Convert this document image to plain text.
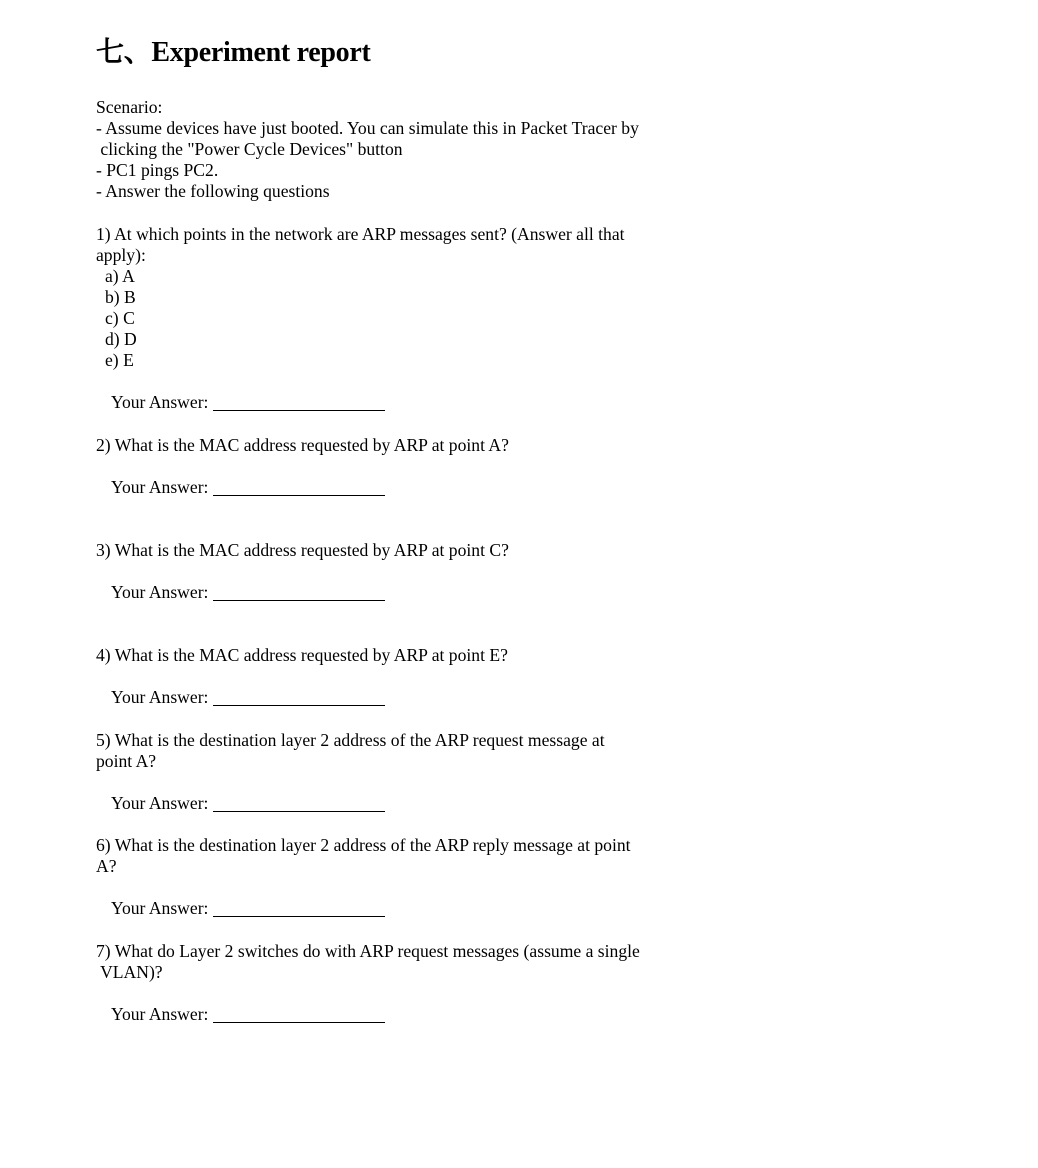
七、Experiment report
Scenario:
- Assume devices have just booted. You can simulate this in Packet Tracer by
clicking the "Power Cycle Devices" button
- PC1 pings PC2.
- Answer the following questions
1) At which points in the network are ARP messages sent? (Answer all that
apply):
a) A
b) B
c) C
d) D
e) E
Your Answer:
2) What is the MAC address requested by ARP at point A?
Your Answer:
3) What is the MAC address requested by ARP at point C?
Your Answer:
4) What is the MAC address requested by ARP at point E?
Your Answer:
5) What is the destination layer 2 address of the ARP request message at
point A?
Your Answer:
6) What is the destination layer 2 address of the ARP reply message at point
A?
Your Answer:
7) What do Layer 2 switches do with ARP request messages (assume a single
VLAN)?
Your Answer:
